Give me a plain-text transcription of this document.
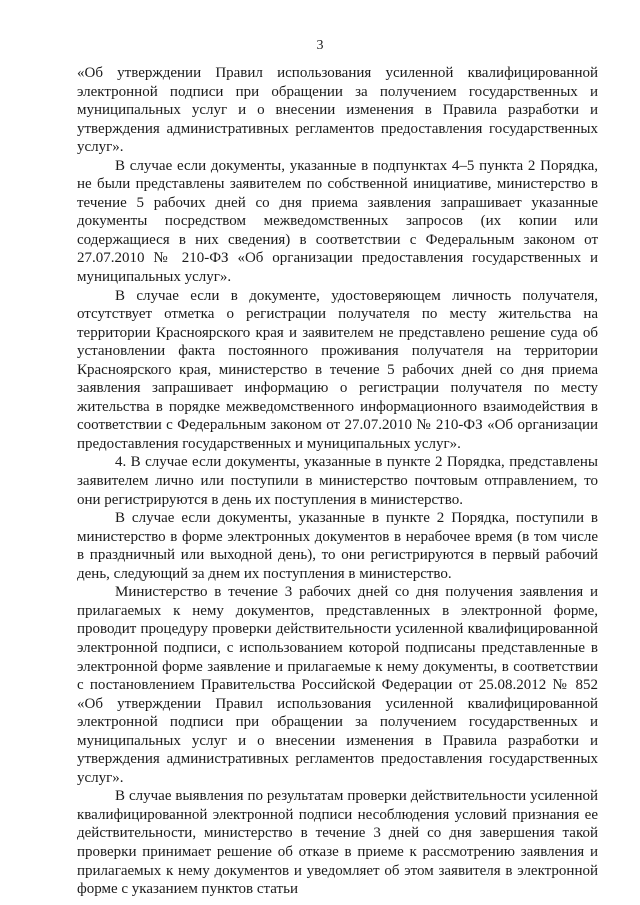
3

«Об утверждении Правил использования усиленной квалифицированной электронной подписи при обращении за получением государственных и муниципальных услуг и о внесении изменения в Правила разработки и утверждения административных регламентов предоставления государственных услуг».

В случае если документы, указанные в подпунктах 4–5 пункта 2 Порядка, не были представлены заявителем по собственной инициативе, министерство в течение 5 рабочих дней со дня приема заявления запрашивает указанные документы посредством межведомственных запросов (их копии или содержащиеся в них сведения) в соответствии с Федеральным законом от 27.07.2010 № 210-ФЗ «Об организации предоставления государственных и муниципальных услуг».

В случае если в документе, удостоверяющем личность получателя, отсутствует отметка о регистрации получателя по месту жительства на территории Красноярского края и заявителем не представлено решение суда об установлении факта постоянного проживания получателя на территории Красноярского края, министерство в течение 5 рабочих дней со дня приема заявления запрашивает информацию о регистрации получателя по месту жительства в порядке межведомственного информационного взаимодействия в соответствии с Федеральным законом от 27.07.2010 № 210-ФЗ «Об организации предоставления государственных и муниципальных услуг».

4. В случае если документы, указанные в пункте 2 Порядка, представлены заявителем лично или поступили в министерство почтовым отправлением, то они регистрируются в день их поступления в министерство.

В случае если документы, указанные в пункте 2 Порядка, поступили в министерство в форме электронных документов в нерабочее время (в том числе в праздничный или выходной день), то они регистрируются в первый рабочий день, следующий за днем их поступления в министерство.

Министерство в течение 3 рабочих дней со дня получения заявления и прилагаемых к нему документов, представленных в электронной форме, проводит процедуру проверки действительности усиленной квалифицированной электронной подписи, с использованием которой подписаны представленные в электронной форме заявление и прилагаемые к нему документы, в соответствии с постановлением Правительства Российской Федерации от 25.08.2012 № 852 «Об утверждении Правил использования усиленной квалифицированной электронной подписи при обращении за получением государственных и муниципальных услуг и о внесении изменения в Правила разработки и утверждения административных регламентов предоставления государственных услуг».

В случае выявления по результатам проверки действительности усиленной квалифицированной электронной подписи несоблюдения условий признания ее действительности, министерство в течение 3 дней со дня завершения такой проверки принимает решение об отказе в приеме к рассмотрению заявления и прилагаемых к нему документов и уведомляет об этом заявителя в электронной форме с указанием пунктов статьи
